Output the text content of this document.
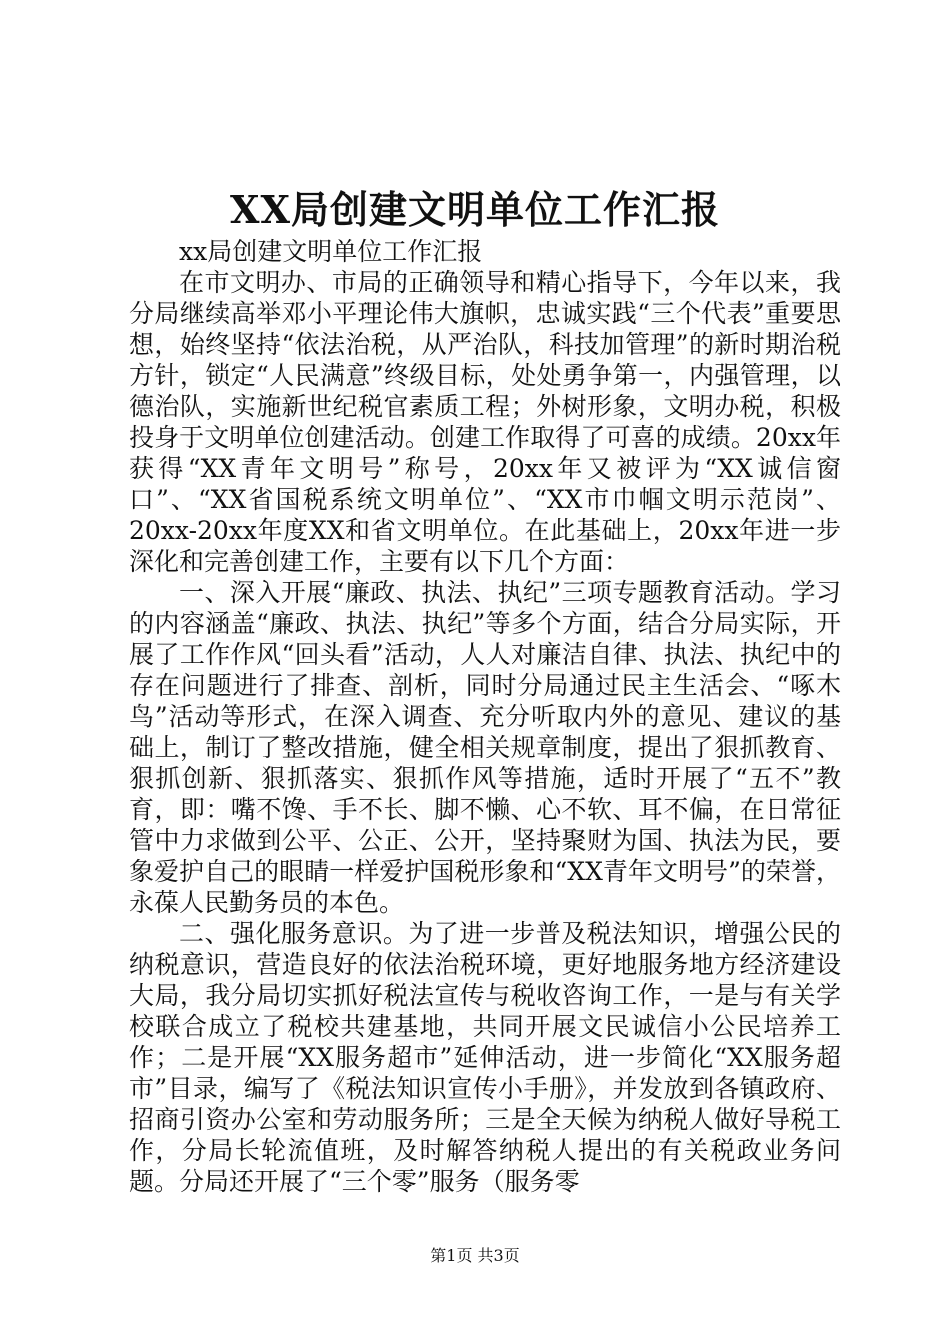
XX局创建文明单位工作汇报

xx局创建文明单位工作汇报

在市文明办、市局的正确领导和精心指导下，今年以来，我分局继续高举邓小平理论伟大旗帜，忠诚实践“三个代表”重要思想，始终坚持“依法治税，从严治队，科技加管理”的新时期治税方针，锁定“人民满意”终级目标，处处勇争第一，内强管理，以德治队，实施新世纪税官素质工程；外树形象，文明办税，积极投身于文明单位创建活动。创建工作取得了可喜的成绩。20xx年获得“XX青年文明号”称号，20xx年又被评为“XX诚信窗口”、“XX省国税系统文明单位”、“XX市巾帼文明示范岗”、20xx-20xx年度XX和省文明单位。在此基础上，20xx年进一步深化和完善创建工作，主要有以下几个方面：

一、深入开展“廉政、执法、执纪”三项专题教育活动。学习的内容涵盖“廉政、执法、执纪”等多个方面，结合分局实际，开展了工作作风“回头看”活动，人人对廉洁自律、执法、执纪中的存在问题进行了排查、剖析，同时分局通过民主生活会、“啄木鸟”活动等形式，在深入调查、充分听取内外的意见、建议的基础上，制订了整改措施，健全相关规章制度，提出了狠抓教育、狠抓创新、狠抓落实、狠抓作风等措施，适时开展了“五不”教育，即：嘴不馋、手不长、脚不懒、心不软、耳不偏，在日常征管中力求做到公平、公正、公开，坚持聚财为国、执法为民，要象爱护自己的眼睛一样爱护国税形象和“XX青年文明号”的荣誉，永葆人民勤务员的本色。

二、强化服务意识。为了进一步普及税法知识，增强公民的纳税意识，营造良好的依法治税环境，更好地服务地方经济建设大局，我分局切实抓好税法宣传与税收咨询工作，一是与有关学校联合成立了税校共建基地，共同开展文民诚信小公民培养工作；二是开展“XX服务超市”延伸活动，进一步简化“XX服务超市”目录，编写了《税法知识宣传小手册》，并发放到各镇政府、招商引资办公室和劳动服务所；三是全天候为纳税人做好导税工作，分局长轮流值班，及时解答纳税人提出的有关税政业务问题。分局还开展了“三个零”服务（服务零

第1页 共3页
